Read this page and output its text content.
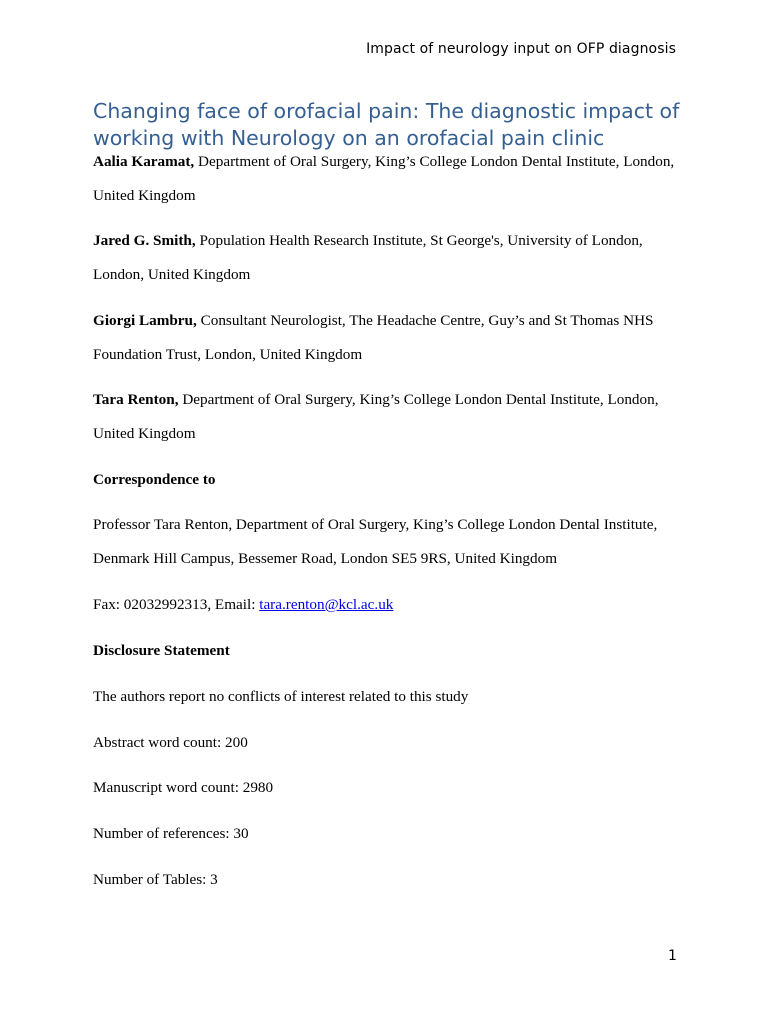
Impact of neurology input on OFP diagnosis
Changing face of orofacial pain: The diagnostic impact of working with Neurology on an orofacial pain clinic

Aalia Karamat, Department of Oral Surgery, King’s College London Dental Institute, London, United Kingdom

Jared G. Smith, Population Health Research Institute, St George's, University of London, London, United Kingdom

Giorgi Lambru, Consultant Neurologist, The Headache Centre, Guy’s and St Thomas NHS Foundation Trust, London, United Kingdom

Tara Renton, Department of Oral Surgery, King’s College London Dental Institute, London, United Kingdom

Correspondence to

Professor Tara Renton, Department of Oral Surgery, King’s College London Dental Institute, Denmark Hill Campus, Bessemer Road, London SE5 9RS, United Kingdom

Fax: 02032992313, Email: tara.renton@kcl.ac.uk

Disclosure Statement

The authors report no conflicts of interest related to this study

Abstract word count: 200

Manuscript word count: 2980

Number of references: 30

Number of Tables: 3

1
